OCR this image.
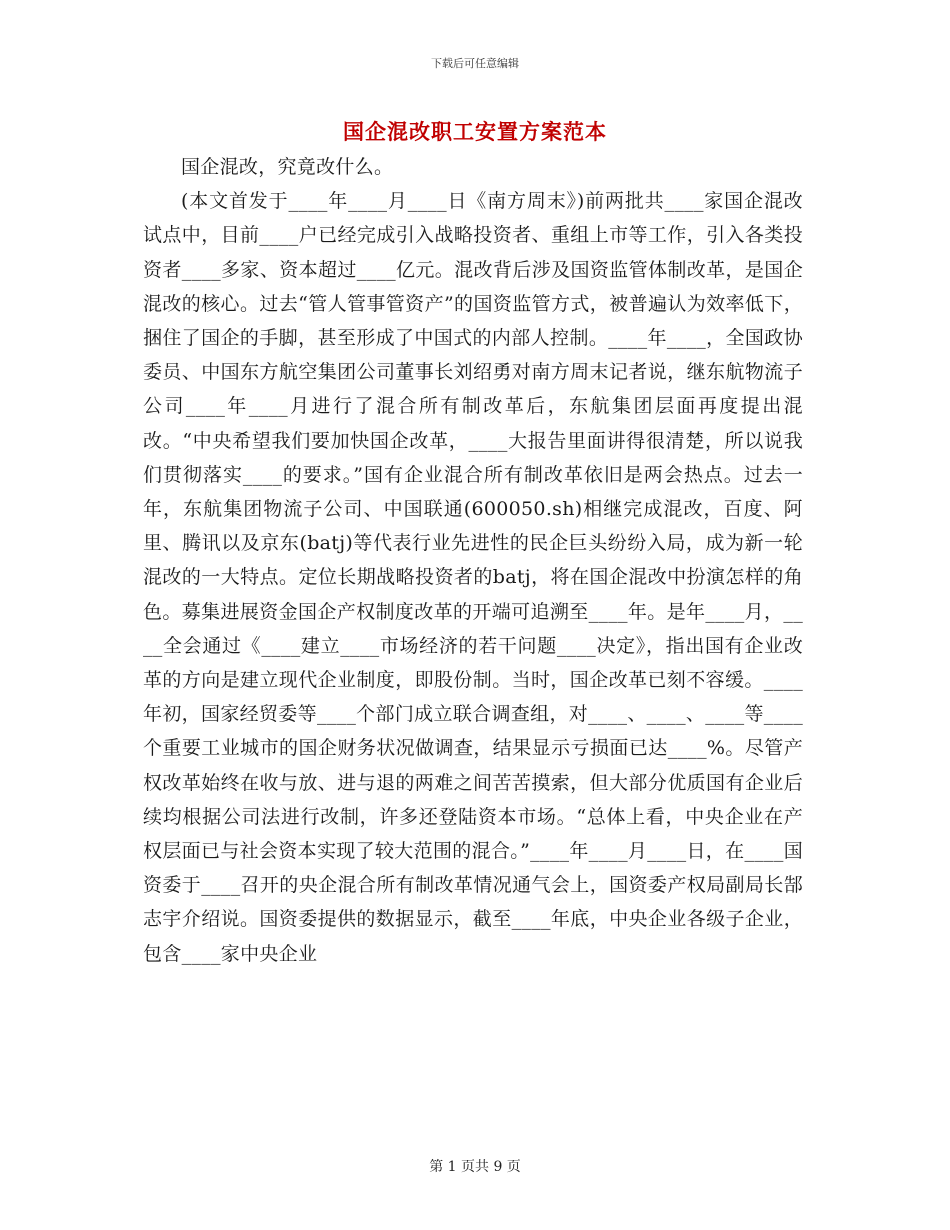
下载后可任意编辑
国企混改职工安置方案范本

国企混改，究竟改什么。

(本文首发于____年____月____日《南方周末》)前两批共____家国企混改试点中，目前____户已经完成引入战略投资者、重组上市等工作，引入各类投资者____多家、资本超过____亿元。混改背后涉及国资监管体制改革，是国企混改的核心。过去“管人管事管资产”的国资监管方式，被普遍认为效率低下，捆住了国企的手脚，甚至形成了中国式的内部人控制。____年____，全国政协委员、中国东方航空集团公司董事长刘绍勇对南方周末记者说，继东航物流子公司____年____月进行了混合所有制改革后，东航集团层面再度提出混改。“中央希望我们要加快国企改革，____大报告里面讲得很清楚，所以说我们贯彻落实____的要求。”国有企业混合所有制改革依旧是两会热点。过去一年，东航集团物流子公司、中国联通(600050.sh)相继完成混改，百度、阿里、腾讯以及京东(batj)等代表行业先进性的民企巨头纷纷入局，成为新一轮混改的一大特点。定位长期战略投资者的batj，将在国企混改中扮演怎样的角色。募集进展资金国企产权制度改革的开端可追溯至____年。是年____月，____全会通过《____建立____市场经济的若干问题____决定》，指出国有企业改革的方向是建立现代企业制度，即股份制。当时，国企改革已刻不容缓。____年初，国家经贸委等____个部门成立联合调查组，对____、____、____等____个重要工业城市的国企财务状况做调查，结果显示亏损面已达____%。尽管产权改革始终在收与放、进与退的两难之间苦苦摸索，但大部分优质国有企业后续均根据公司法进行改制，许多还登陆资本市场。“总体上看，中央企业在产权层面已与社会资本实现了较大范围的混合。”____年____月____日，在____国资委于____召开的央企混合所有制改革情况通气会上，国资委产权局副局长郜志宇介绍说。国资委提供的数据显示，截至____年底，中央企业各级子企业，包含____家中央企业

第 1 页共 9 页
